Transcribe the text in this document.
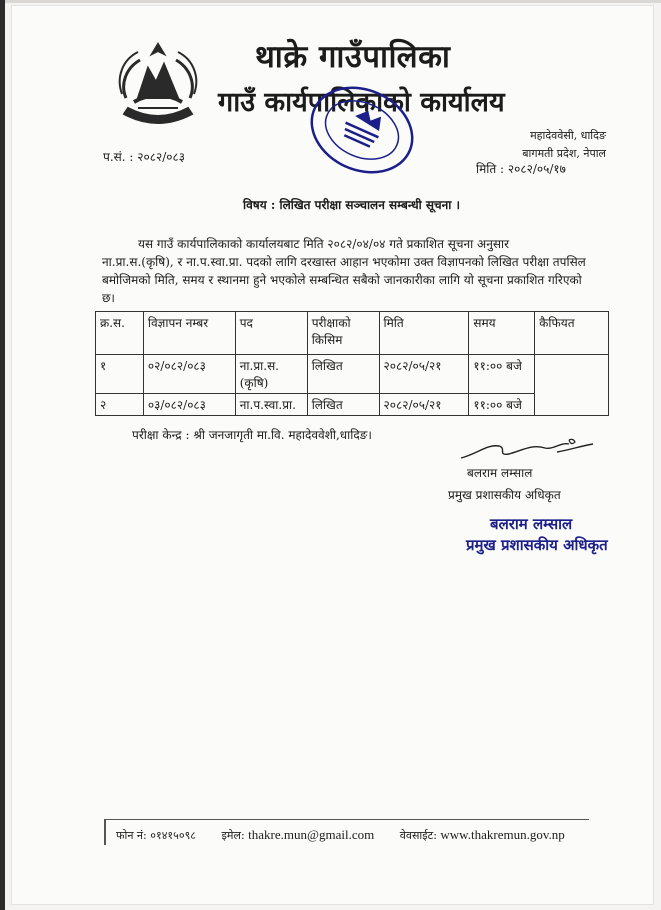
थाक्रे गाउँपालिका
गाउँ कार्यपालिकाको कार्यालय
महादेववेसी, धादिङ
बागमती प्रदेश, नेपाल
प.सं. : २०८२/०८३
मिति : २०८२/०५/१७
विषय : लिखित परीक्षा सञ्चालन सम्बन्धी सूचना ।
यस गाउँ कार्यपालिकाको कार्यालयबाट मिति २०८२/०४/०४ गते प्रकाशित सूचना अनुसार
ना.प्रा.स.(कृषि), र ना.प.स्वा.प्रा. पदको लागि दरखास्त आहान भएकोमा उक्त विज्ञापनको लिखित परीक्षा तपसिल
बमोजिमको मिति, समय र स्थानमा हुने भएकोले सम्बन्धित सबैको जानकारीका लागि यो सूचना प्रकाशित गरिएको
छ।
क्र.स.	विज्ञापन नम्बर	पद	परीक्षाको किसिम	मिति	समय	कैफियत
१	०२/०८२/०८३	ना.प्रा.स.(कृषि)	लिखित	२०८२/०५/२१	११:०० बजे	
२	०३/०८२/०८३	ना.प.स्वा.प्रा.	लिखित	२०८२/०५/२१	११:०० बजे	
परीक्षा केन्द्र : श्री जनजागृती मा.वि. महादेववेशी,धादिङ।
बलराम लम्साल
प्रमुख प्रशासकीय अधिकृत
बलराम लम्साल
प्रमुख प्रशासकीय अधिकृत
फोन नं: ०१४१५०९८ इमेल: thakre.mun@gmail.com वेवसाईट: www.thakremun.gov.np
